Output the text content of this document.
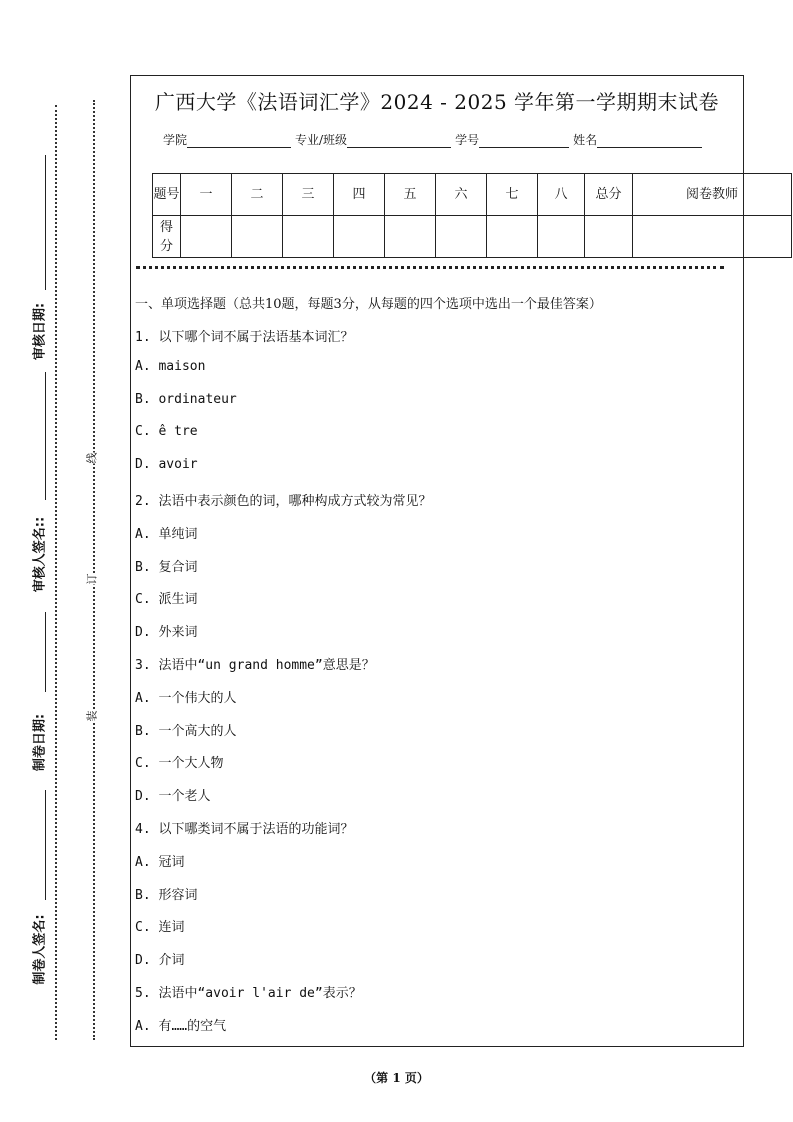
审核日期:
审核人签名::
制卷日期:
制卷人签名:
线
订
装
广西大学《法语词汇学》2024 - 2025 学年第一学期期末试卷
学院	专业/班级	学号	姓名
题号	一	二	三	四	五	六	七	八	总分	阅卷教师
得分										
一、单项选择题（总共10题，每题3分，从每题的四个选项中选出一个最佳答案）
1. 以下哪个词不属于法语基本词汇？
A. maison
B. ordinateur
C. ê tre
D. avoir
2. 法语中表示颜色的词，哪种构成方式较为常见？
A. 单纯词
B. 复合词
C. 派生词
D. 外来词
3. 法语中“un grand homme”意思是？
A. 一个伟大的人
B. 一个高大的人
C. 一个大人物
D. 一个老人
4. 以下哪类词不属于法语的功能词？
A. 冠词
B. 形容词
C. 连词
D. 介词
5. 法语中“avoir l'air de”表示？
A. 有……的空气
（第 1 页）
